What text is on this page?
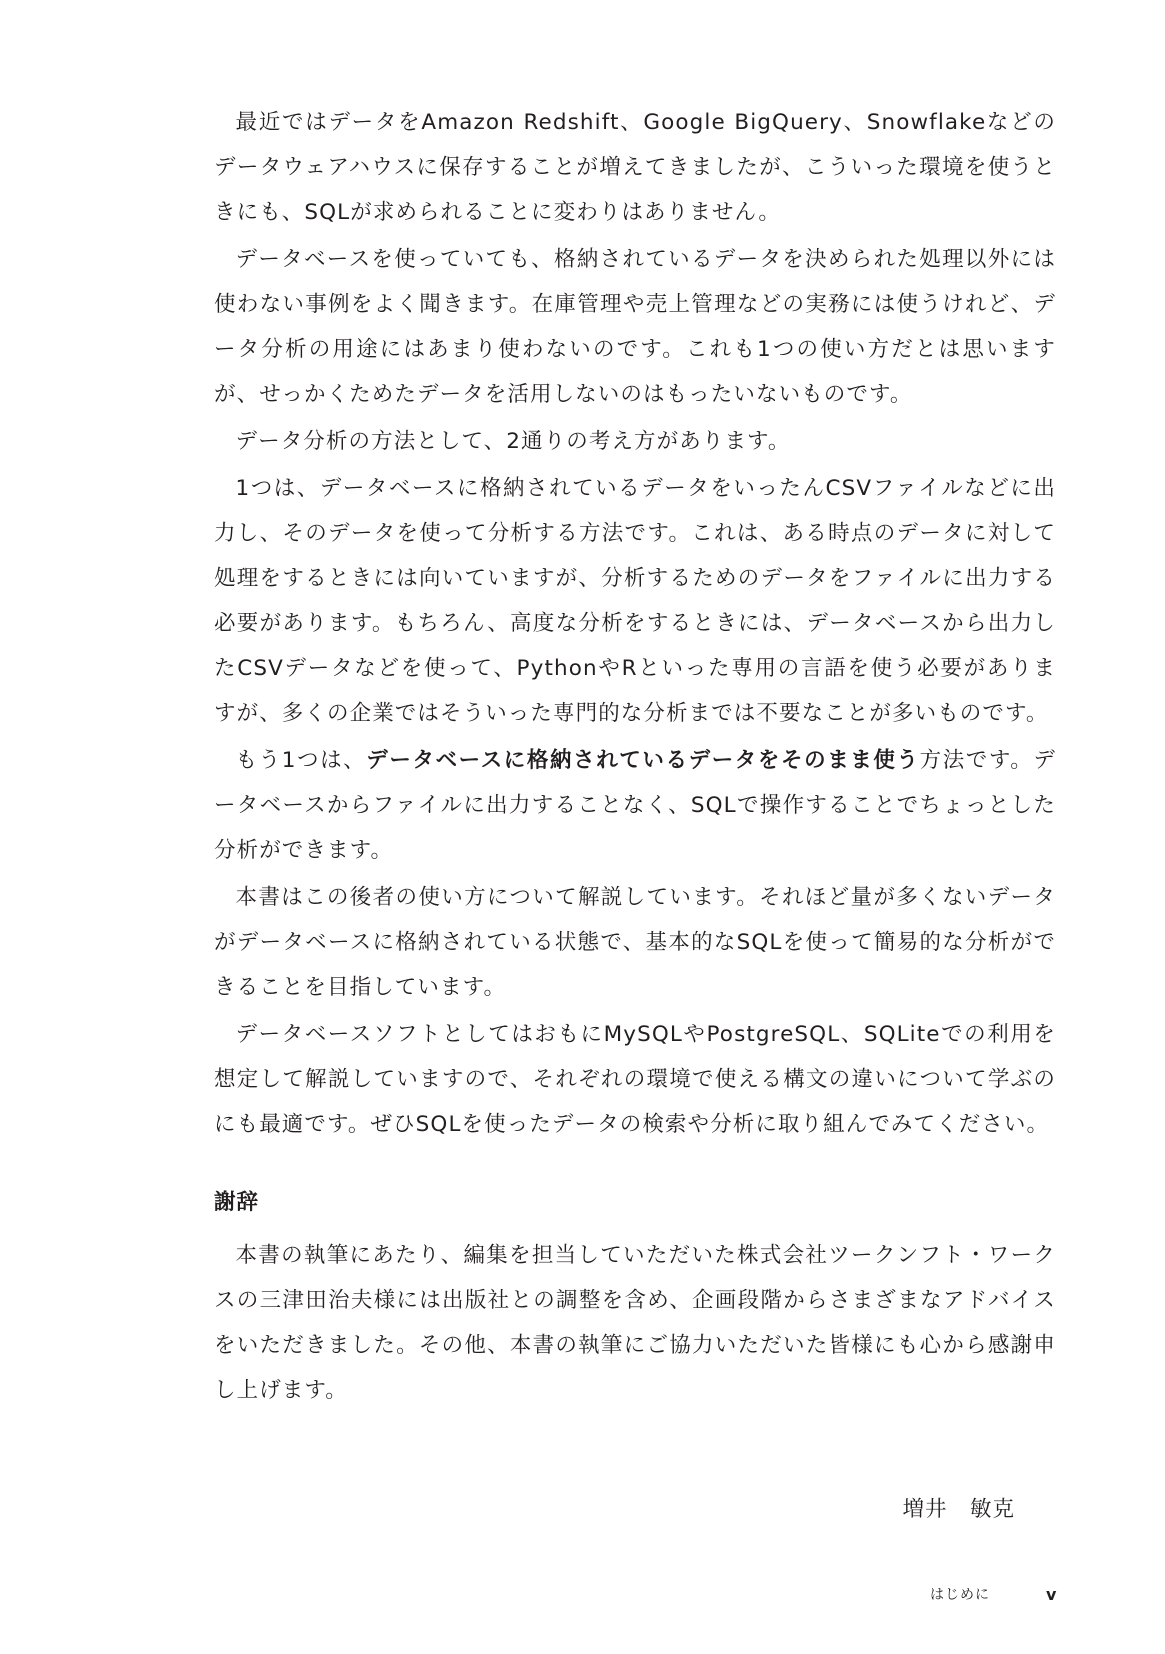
最近ではデータをAmazon Redshift、Google BigQuery、Snowflakeなどのデータウェアハウスに保存することが増えてきましたが、こういった環境を使うときにも、SQLが求められることに変わりはありません。

データベースを使っていても、格納されているデータを決められた処理以外には使わない事例をよく聞きます。在庫管理や売上管理などの実務には使うけれど、データ分析の用途にはあまり使わないのです。これも1つの使い方だとは思いますが、せっかくためたデータを活用しないのはもったいないものです。

データ分析の方法として、2通りの考え方があります。

1つは、データベースに格納されているデータをいったんCSVファイルなどに出力し、そのデータを使って分析する方法です。これは、ある時点のデータに対して処理をするときには向いていますが、分析するためのデータをファイルに出力する必要があります。もちろん、高度な分析をするときには、データベースから出力したCSVデータなどを使って、PythonやRといった専用の言語を使う必要がありますが、多くの企業ではそういった専門的な分析までは不要なことが多いものです。

もう1つは、データベースに格納されているデータをそのまま使う方法です。データベースからファイルに出力することなく、SQLで操作することでちょっとした分析ができます。

本書はこの後者の使い方について解説しています。それほど量が多くないデータがデータベースに格納されている状態で、基本的なSQLを使って簡易的な分析ができることを目指しています。

データベースソフトとしてはおもにMySQLやPostgreSQL、SQLiteでの利用を想定して解説していますので、それぞれの環境で使える構文の違いについて学ぶのにも最適です。ぜひSQLを使ったデータの検索や分析に取り組んでみてください。

謝辞

本書の執筆にあたり、編集を担当していただいた株式会社ツークンフト・ワークスの三津田治夫様には出版社との調整を含め、企画段階からさまざまなアドバイスをいただきました。その他、本書の執筆にご協力いただいた皆様にも心から感謝申し上げます。

増井　敏克
はじめに	v
